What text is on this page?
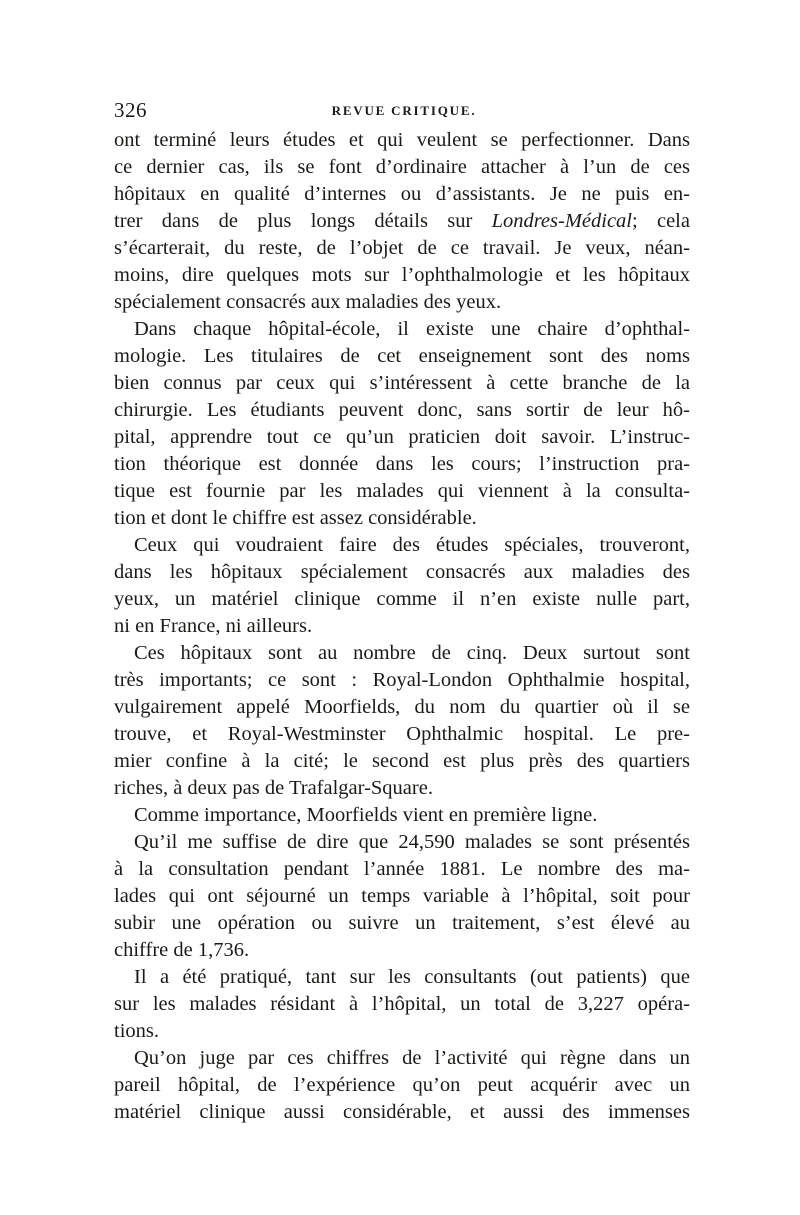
326	REVUE CRITIQUE.
ont terminé leurs études et qui veulent se perfectionner. Dans
ce dernier cas, ils se font d’ordinaire attacher à l’un de ces
hôpitaux en qualité d’internes ou d’assistants. Je ne puis en-
trer dans de plus longs détails sur Londres-Médical; cela
s’écarterait, du reste, de l’objet de ce travail. Je veux, néan-
moins, dire quelques mots sur l’ophthalmologie et les hôpitaux
spécialement consacrés aux maladies des yeux.
Dans chaque hôpital-école, il existe une chaire d’ophthal-
mologie. Les titulaires de cet enseignement sont des noms
bien connus par ceux qui s’intéressent à cette branche de la
chirurgie. Les étudiants peuvent donc, sans sortir de leur hô-
pital, apprendre tout ce qu’un praticien doit savoir. L’instruc-
tion théorique est donnée dans les cours; l’instruction pra-
tique est fournie par les malades qui viennent à la consulta-
tion et dont le chiffre est assez considérable.
Ceux qui voudraient faire des études spéciales, trouveront,
dans les hôpitaux spécialement consacrés aux maladies des
yeux, un matériel clinique comme il n’en existe nulle part,
ni en France, ni ailleurs.
Ces hôpitaux sont au nombre de cinq. Deux surtout sont
très importants; ce sont : Royal-London Ophthalmie hospital,
vulgairement appelé Moorfields, du nom du quartier où il se
trouve, et Royal-Westminster Ophthalmic hospital. Le pre-
mier confine à la cité; le second est plus près des quartiers
riches, à deux pas de Trafalgar-Square.
Comme importance, Moorfields vient en première ligne.
Qu’il me suffise de dire que 24,590 malades se sont présentés
à la consultation pendant l’année 1881. Le nombre des ma-
lades qui ont séjourné un temps variable à l’hôpital, soit pour
subir une opération ou suivre un traitement, s’est élevé au
chiffre de 1,736.
Il a été pratiqué, tant sur les consultants (out patients) que
sur les malades résidant à l’hôpital, un total de 3,227 opéra-
tions.
Qu’on juge par ces chiffres de l’activité qui règne dans un
pareil hôpital, de l’expérience qu’on peut acquérir avec un
matériel clinique aussi considérable, et aussi des immenses
